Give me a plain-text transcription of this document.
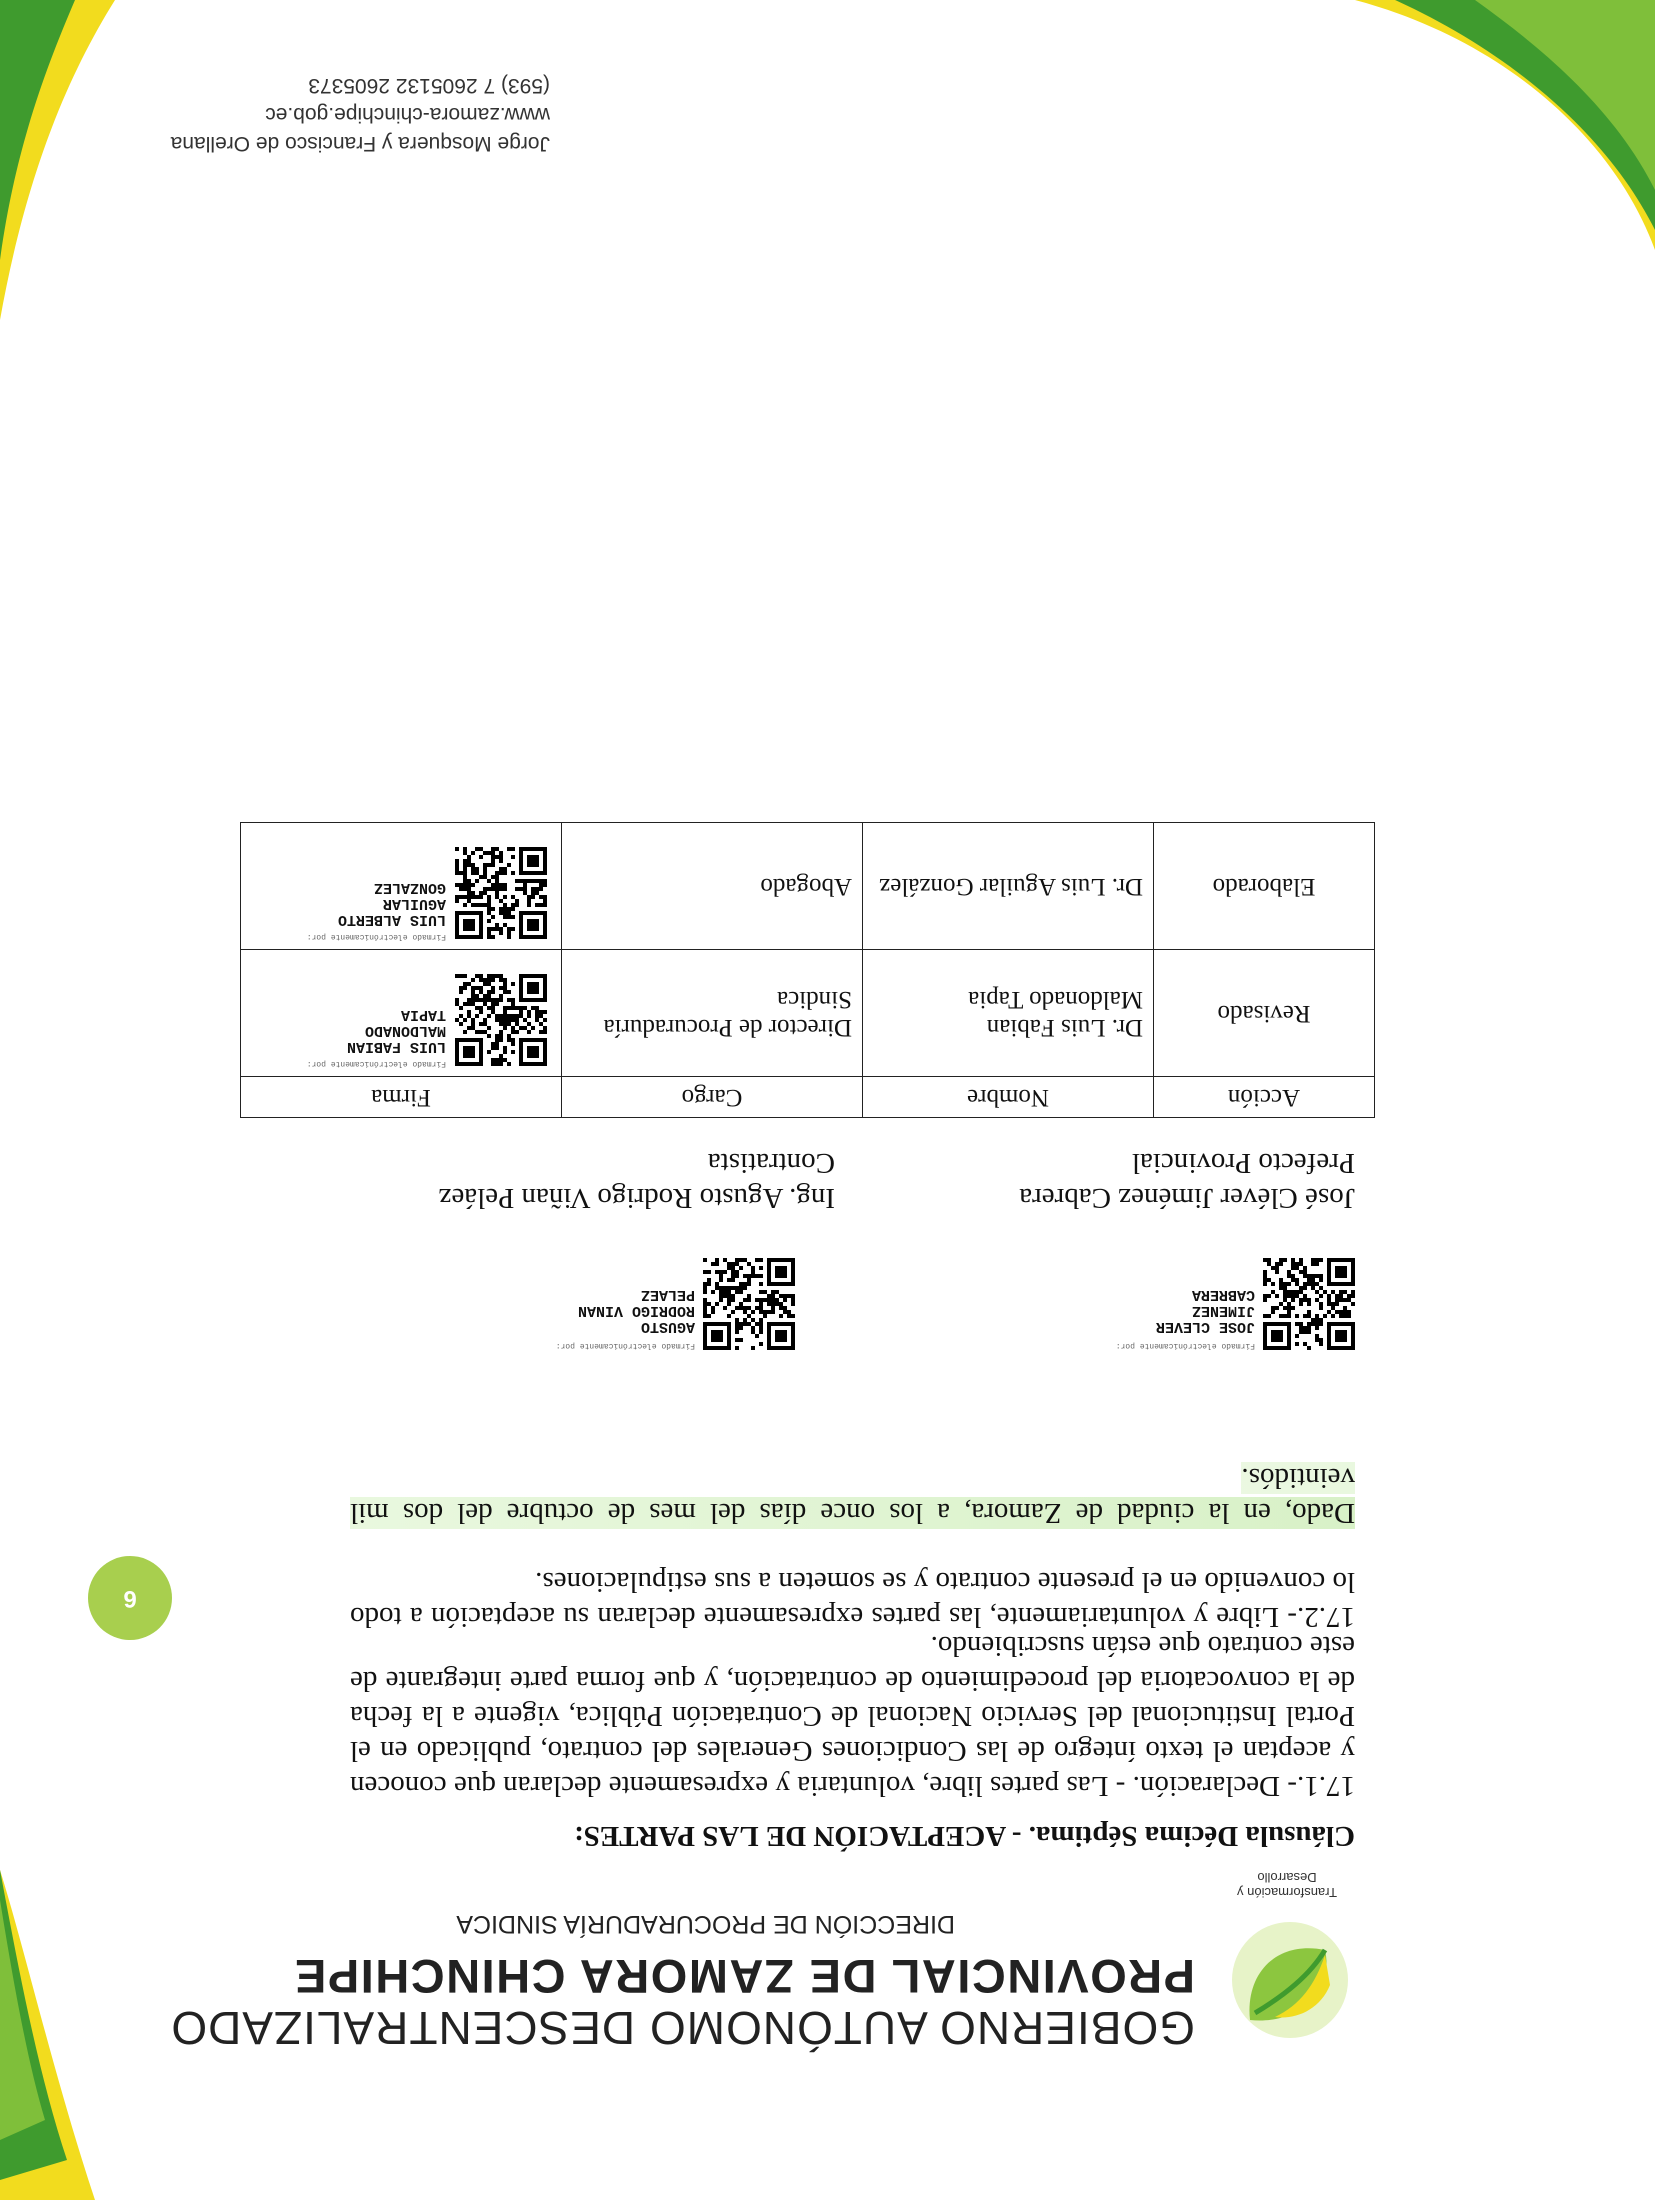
Transformación y Desarrollo
GOBIERNO AUTÓNOMO DESCENTRALIZADO
PROVINCIAL DE ZAMORA CHINCHIPE
DIRECCIÓN DE PROCURADURÍA SINDICA
Cláusula Décima Séptima. - ACEPTACIÓN DE LAS PARTES:
17.1.- Declaración. - Las partes libre, voluntaria y expresamente declaran que conocen y aceptan el texto íntegro de las Condiciones Generales del contrato, publicado en el Portal Institucional del Servicio Nacional de Contratación Pública, vigente a la fecha de la convocatoria del procedimiento de contratación, y que forma parte integrante de este contrato que están suscribiendo.
17.2.- Libre y voluntariamente, las partes expresamente declaran su aceptación a todo lo convenido en el presente contrato y se someten a sus estipulaciones.
Dado, en la ciudad de Zamora, a los once días del mes de octubre del dos mil veintidós.
6
Firmado electrónicamente por:
JOSE CLEVER
JIMENEZ
CABRERA
Firmado electrónicamente por:
AGUSTO
RODRIGO VINAN
PELAEZ
José Cléver Jiménez Cabrera
Prefecto Provincial
Ing. Agusto Rodrigo Viñan Peláez
Contratista
Acción	Nombre	Cargo	Firma
Revisado	Dr. Luis Fabian Maldonado Tapia	Director de Procuraduría Sindica	Firmado electrónicamente por:
LUIS FABIAN
MALDONADO
TAPIA

Elaborado	Dr. Luis Aguilar González	Abogado	Firmado electrónicamente por:
LUIS ALBERTO
AGUILAR
GONZALEZ
Jorge Mosquera y Francisco de Orellana
www.zamora-chinchipe.gob.ec
(593) 7 2605132 2605373
